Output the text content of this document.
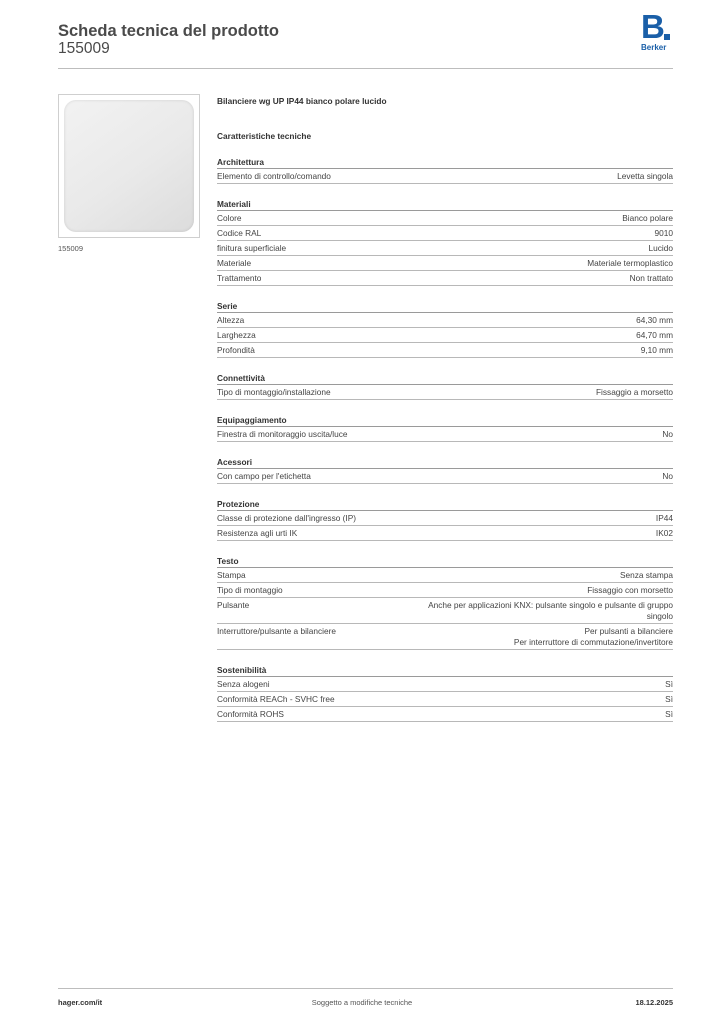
Scheda tecnica del prodotto
155009
B
Berker
155009
Bilanciere wg UP IP44 bianco polare lucido
Caratteristiche tecniche
Architettura
Elemento di controllo/comando	Levetta singola
Materiali
Colore	Bianco polare
Codice RAL	9010
finitura superficiale	Lucido
Materiale	Materiale termoplastico
Trattamento	Non trattato
Serie
Altezza	64,30 mm
Larghezza	64,70 mm
Profondità	9,10 mm
Connettività
Tipo di montaggio/installazione	Fissaggio a morsetto
Equipaggiamento
Finestra di monitoraggio uscita/luce	No
Acessori
Con campo per l'etichetta	No
Protezione
Classe di protezione dall'ingresso (IP)	IP44
Resistenza agli urti IK	IK02
Testo
Stampa	Senza stampa
Tipo di montaggio	Fissaggio con morsetto
Pulsante	Anche per applicazioni KNX: pulsante singolo e pulsante di gruppo
singolo
Interruttore/pulsante a bilanciere	Per pulsanti a bilanciere
Per interruttore di commutazione/invertitore
Sostenibilità
Senza alogeni	Sì
Conformità REACh - SVHC free	Sì
Conformità ROHS	Sì
hager.com/it	Soggetto a modifiche tecniche	18.12.2025
